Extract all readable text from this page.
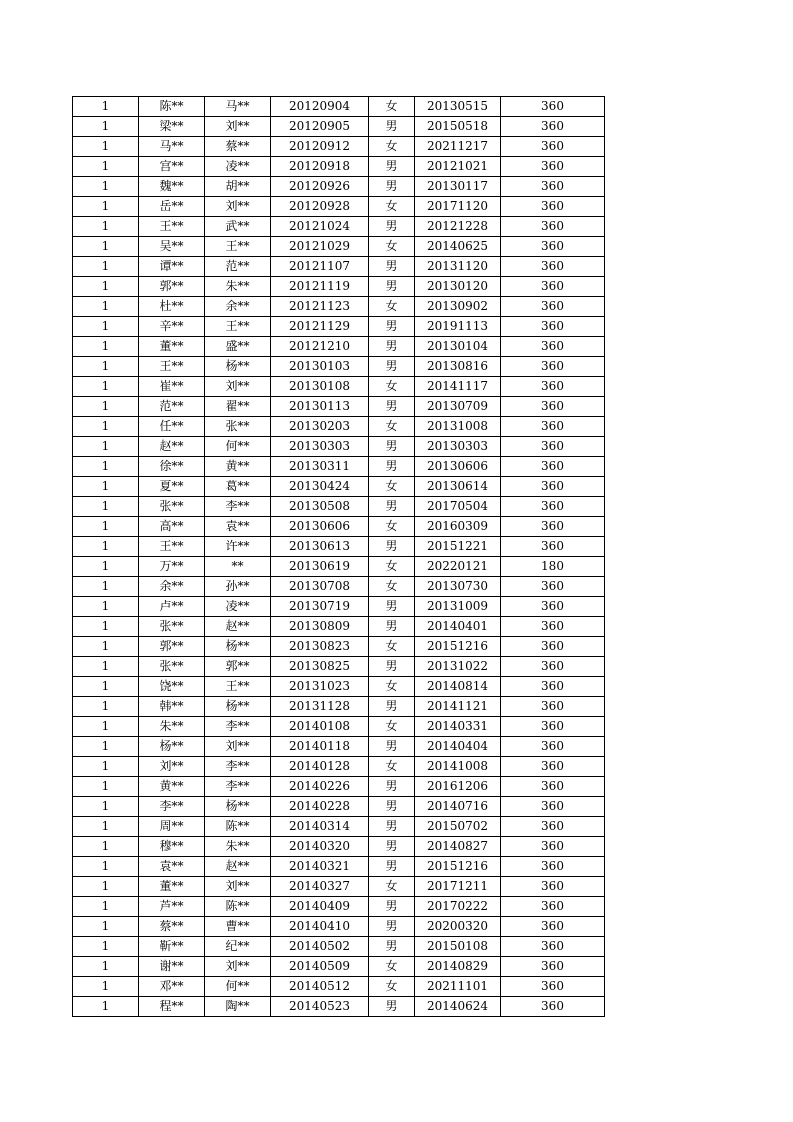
1	陈**	马**	20120904	女	20130515	360
1	梁**	刘**	20120905	男	20150518	360
1	马**	蔡**	20120912	女	20211217	360
1	宫**	凌**	20120918	男	20121021	360
1	魏**	胡**	20120926	男	20130117	360
1	岳**	刘**	20120928	女	20171120	360
1	王**	武**	20121024	男	20121228	360
1	吴**	王**	20121029	女	20140625	360
1	谭**	范**	20121107	男	20131120	360
1	郭**	朱**	20121119	男	20130120	360
1	杜**	余**	20121123	女	20130902	360
1	辛**	王**	20121129	男	20191113	360
1	董**	盛**	20121210	男	20130104	360
1	王**	杨**	20130103	男	20130816	360
1	崔**	刘**	20130108	女	20141117	360
1	范**	翟**	20130113	男	20130709	360
1	任**	张**	20130203	女	20131008	360
1	赵**	何**	20130303	男	20130303	360
1	徐**	黄**	20130311	男	20130606	360
1	夏**	葛**	20130424	女	20130614	360
1	张**	李**	20130508	男	20170504	360
1	高**	袁**	20130606	女	20160309	360
1	王**	许**	20130613	男	20151221	360
1	万**	**	20130619	女	20220121	180
1	余**	孙**	20130708	女	20130730	360
1	卢**	凌**	20130719	男	20131009	360
1	张**	赵**	20130809	男	20140401	360
1	郭**	杨**	20130823	女	20151216	360
1	张**	郭**	20130825	男	20131022	360
1	饶**	王**	20131023	女	20140814	360
1	韩**	杨**	20131128	男	20141121	360
1	朱**	李**	20140108	女	20140331	360
1	杨**	刘**	20140118	男	20140404	360
1	刘**	李**	20140128	女	20141008	360
1	黄**	李**	20140226	男	20161206	360
1	李**	杨**	20140228	男	20140716	360
1	周**	陈**	20140314	男	20150702	360
1	穆**	朱**	20140320	男	20140827	360
1	袁**	赵**	20140321	男	20151216	360
1	董**	刘**	20140327	女	20171211	360
1	芦**	陈**	20140409	男	20170222	360
1	蔡**	曹**	20140410	男	20200320	360
1	靳**	纪**	20140502	男	20150108	360
1	谢**	刘**	20140509	女	20140829	360
1	邓**	何**	20140512	女	20211101	360
1	程**	陶**	20140523	男	20140624	360
